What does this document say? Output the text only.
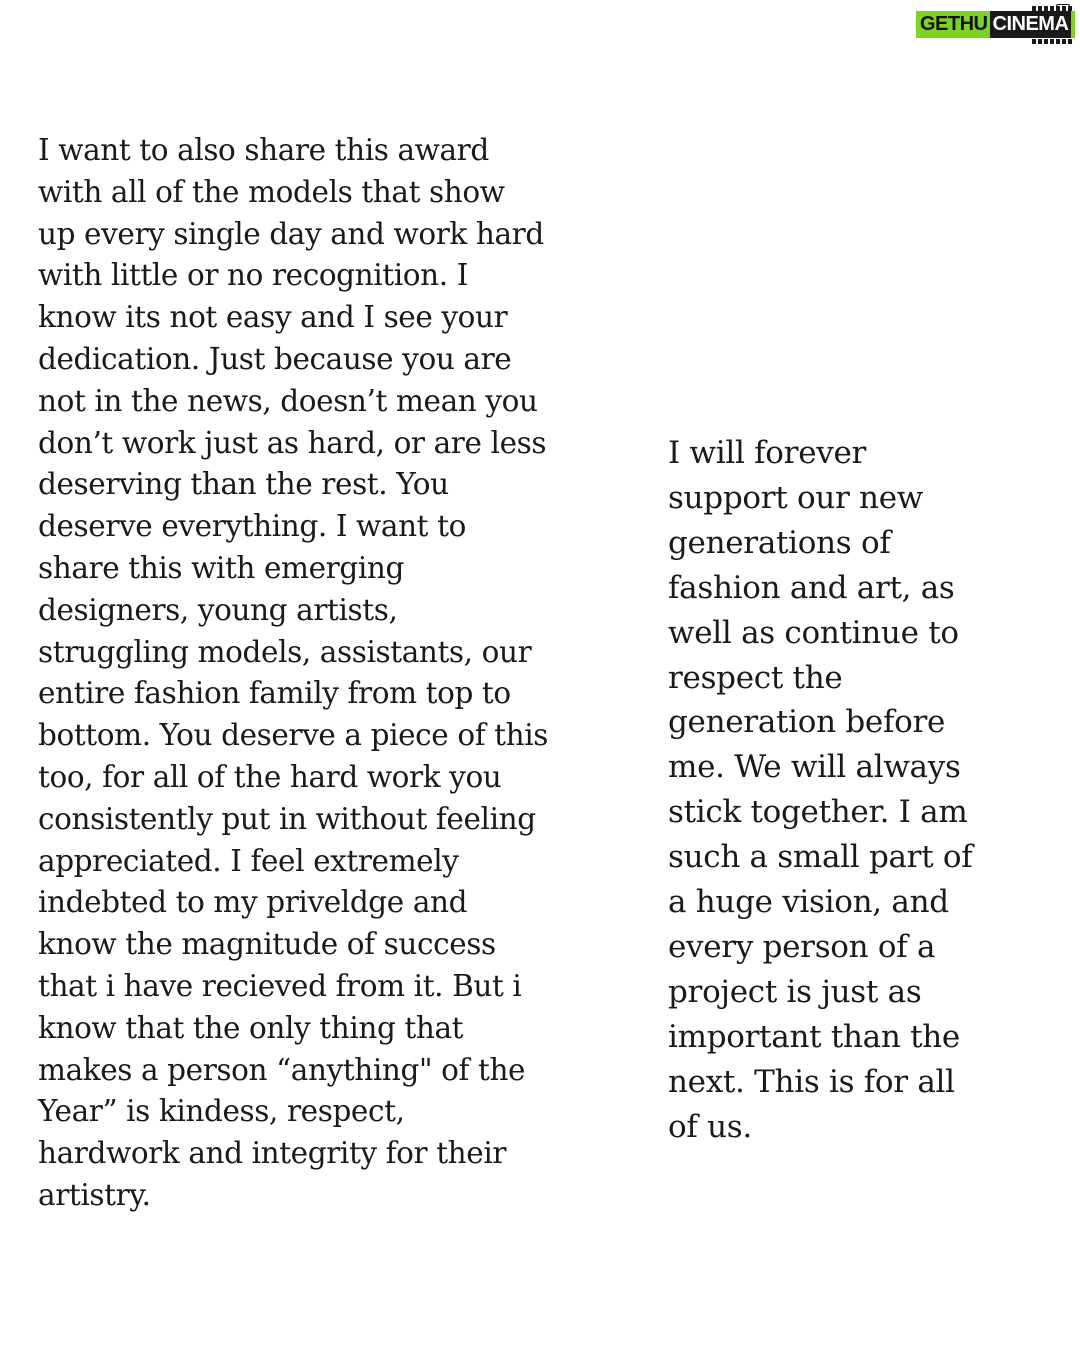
GETHU CINEMA
I want to also share this award
with all of the models that show
up every single day and work hard
with little or no recognition. I
know its not easy and I see your
dedication. Just because you are
not in the news, doesn’t mean you
don’t work just as hard, or are less
deserving than the rest. You
deserve everything. I want to
share this with emerging
designers, young artists,
struggling models, assistants, our
entire fashion family from top to
bottom. You deserve a piece of this
too, for all of the hard work you
consistently put in without feeling
appreciated. I feel extremely
indebted to my priveldge and
know the magnitude of success
that i have recieved from it. But i
know that the only thing that
makes a person “anything" of the
Year” is kindess, respect,
hardwork and integrity for their
artistry.
I will forever
support our new
generations of
fashion and art, as
well as continue to
respect the
generation before
me. We will always
stick together. I am
such a small part of
a huge vision, and
every person of a
project is just as
important than the
next. This is for all
of us.
